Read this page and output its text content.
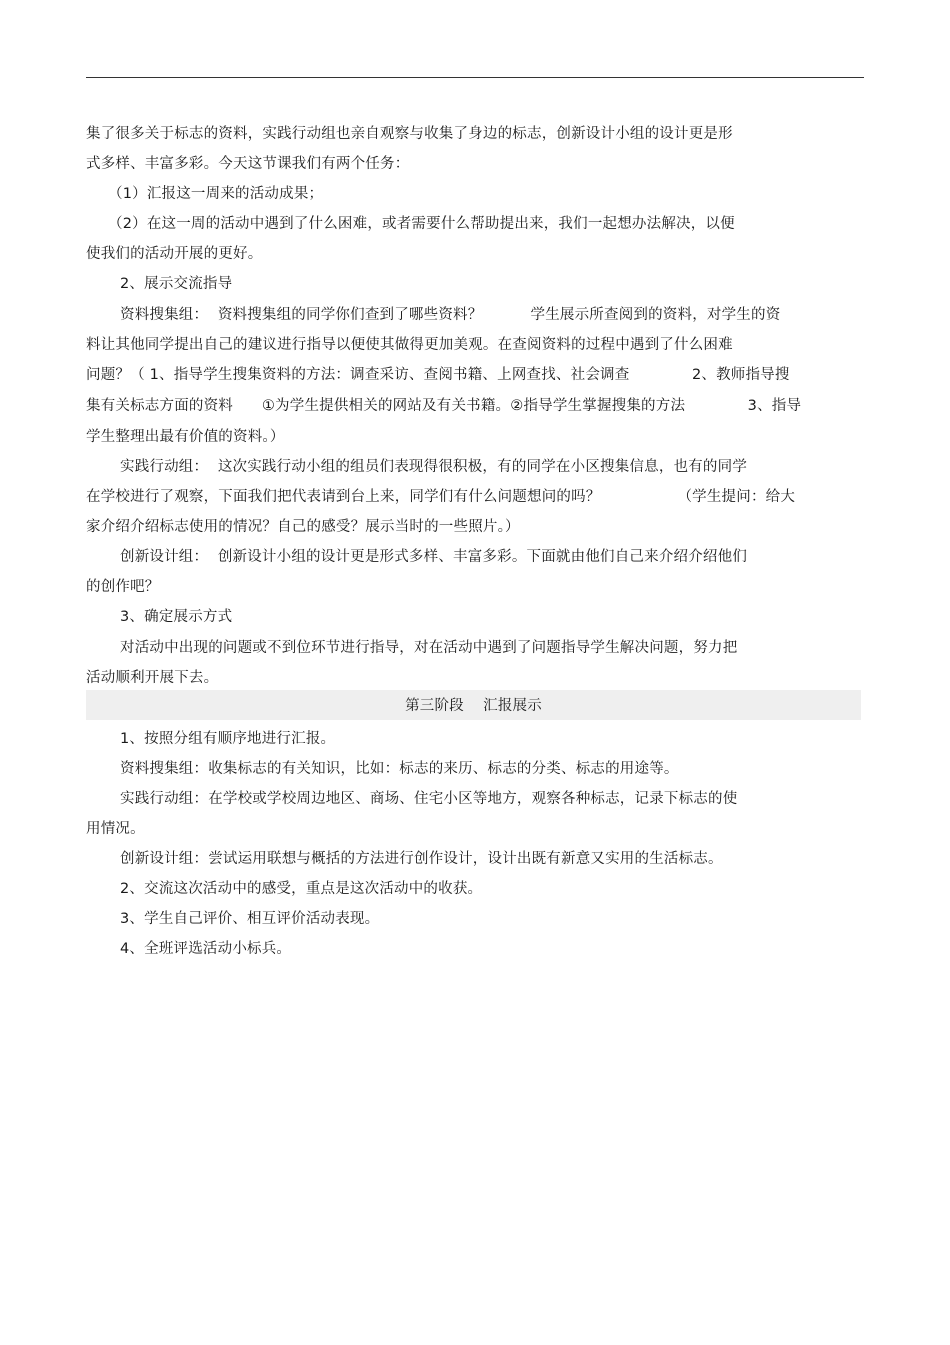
集了很多关于标志的资料，实践行动组也亲自观察与收集了身边的标志，创新设计小组的设计更是形
式多样、丰富多彩。今天这节课我们有两个任务：
（1）汇报这一周来的活动成果；
（2）在这一周的活动中遇到了什么困难，或者需要什么帮助提出来，我们一起想办法解决，以便
使我们的活动开展的更好。
2、展示交流指导
资料搜集组：  资料搜集组的同学你们查到了哪些资料？          学生展示所查阅到的资料，对学生的资
料让其他同学提出自己的建议进行指导以便使其做得更加美观。在查阅资料的过程中遇到了什么困难
问题？（ 1、指导学生搜集资料的方法：调查采访、查阅书籍、上网查找、社会调查             2、教师指导搜
集有关标志方面的资料      ①为学生提供相关的网站及有关书籍。②指导学生掌握搜集的方法             3、指导
学生整理出最有价值的资料。）
实践行动组：  这次实践行动小组的组员们表现得很积极，有的同学在小区搜集信息，也有的同学
在学校进行了观察，下面我们把代表请到台上来，同学们有什么问题想问的吗？                （学生提问：给大
家介绍介绍标志使用的情况？自己的感受？展示当时的一些照片。）
创新设计组：  创新设计小组的设计更是形式多样、丰富多彩。下面就由他们自己来介绍介绍他们
的创作吧？
3、确定展示方式
对活动中出现的问题或不到位环节进行指导，对在活动中遇到了问题指导学生解决问题，努力把
活动顺利开展下去。
第三阶段    汇报展示
1、按照分组有顺序地进行汇报。
资料搜集组：收集标志的有关知识，比如：标志的来历、标志的分类、标志的用途等。
实践行动组：在学校或学校周边地区、商场、住宅小区等地方，观察各种标志，记录下标志的使
用情况。
创新设计组：尝试运用联想与概括的方法进行创作设计，设计出既有新意又实用的生活标志。
2、交流这次活动中的感受，重点是这次活动中的收获。
3、学生自己评价、相互评价活动表现。
4、全班评选活动小标兵。
